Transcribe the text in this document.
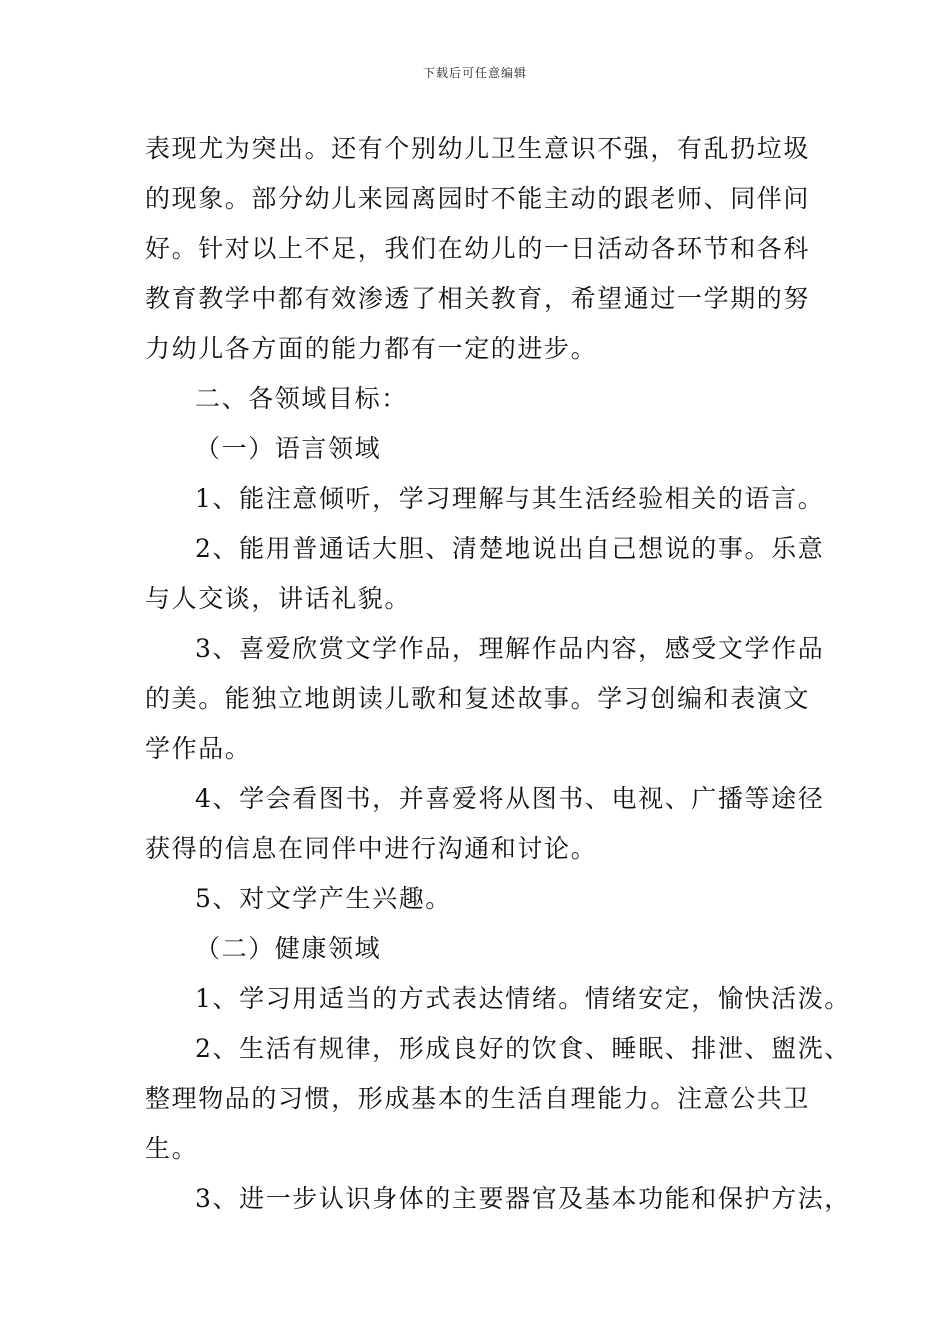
下载后可任意编辑
表现尤为突出。还有个别幼儿卫生意识不强，有乱扔垃圾
的现象。部分幼儿来园离园时不能主动的跟老师、同伴问
好。针对以上不足，我们在幼儿的一日活动各环节和各科
教育教学中都有效渗透了相关教育，希望通过一学期的努
力幼儿各方面的能力都有一定的进步。
二、各领域目标：
（一）语言领域
1、能注意倾听，学习理解与其生活经验相关的语言。
2、能用普通话大胆、清楚地说出自己想说的事。乐意
与人交谈，讲话礼貌。
3、喜爱欣赏文学作品，理解作品内容，感受文学作品
的美。能独立地朗读儿歌和复述故事。学习创编和表演文
学作品。
4、学会看图书，并喜爱将从图书、电视、广播等途径
获得的信息在同伴中进行沟通和讨论。
5、对文学产生兴趣。
（二）健康领域
1、学习用适当的方式表达情绪。情绪安定，愉快活泼。
2、生活有规律，形成良好的饮食、睡眠、排泄、盥洗、
整理物品的习惯，形成基本的生活自理能力。注意公共卫
生。
3、进一步认识身体的主要器官及基本功能和保护方法，
